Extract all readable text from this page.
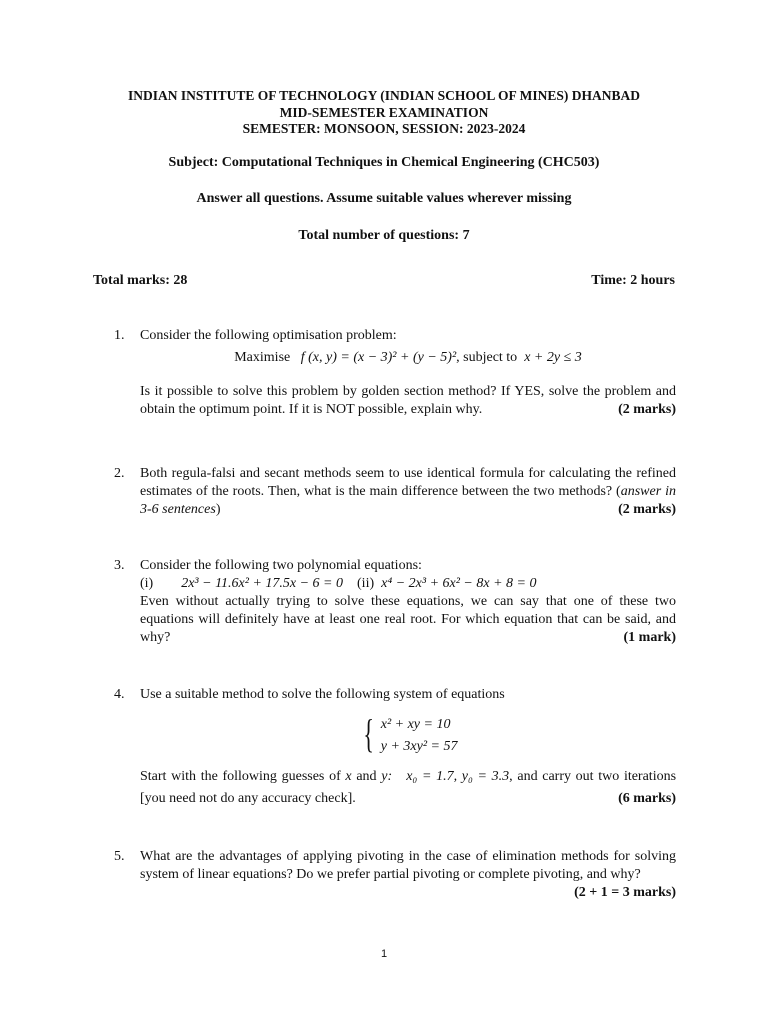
INDIAN INSTITUTE OF TECHNOLOGY (INDIAN SCHOOL OF MINES) DHANBAD
MID-SEMESTER EXAMINATION
SEMESTER: MONSOON, SESSION: 2023-2024
Subject: Computational Techniques in Chemical Engineering (CHC503)
Answer all questions. Assume suitable values wherever missing
Total number of questions: 7
Total marks: 28	Time: 2 hours
1. Consider the following optimisation problem:

Maximise f (x, y) = (x − 3)² + (y − 5)², subject to x + 2y ≤ 3

Is it possible to solve this problem by golden section method? If YES, solve the problem and obtain the optimum point. If it is NOT possible, explain why.	(2 marks)

2. Both regula-falsi and secant methods seem to use identical formula for calculating the refined estimates of the roots. Then, what is the main difference between the two methods? (answer in 3-6 sentences)	(2 marks)

3. Consider the following two polynomial equations:

(i) 2x³ − 11.6x² + 17.5x − 6 = 0 (ii) x⁴ − 2x³ + 6x² − 8x + 8 = 0

Even without actually trying to solve these equations, we can say that one of these two equations will definitely have at least one real root. For which equation that can be said, and why?	(1 mark)

4. Use a suitable method to solve the following system of equations

{ x² + xy = 10
y + 3xy² = 57

Start with the following guesses of x and y: x₀ = 1.7, y₀ = 3.3, and carry out two iterations [you need not do any accuracy check].	(6 marks)

5. What are the advantages of applying pivoting in the case of elimination methods for solving system of linear equations? Do we prefer partial pivoting or complete pivoting, and why?
(2 + 1 = 3 marks)

1
